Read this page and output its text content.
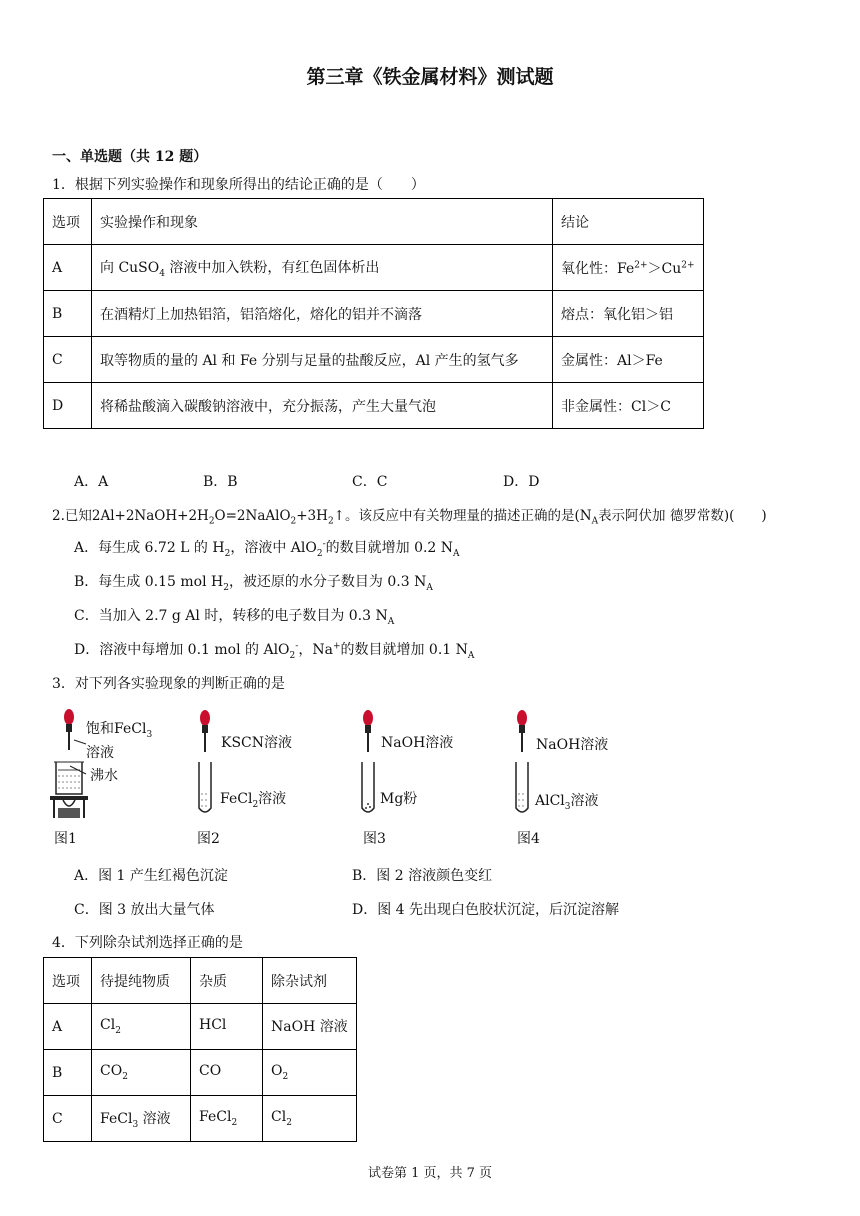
第三章《铁金属材料》测试题
一、单选题（共 12 题）
1．根据下列实验操作和现象所得出的结论正确的是（　　）
选项	实验操作和现象	结论
A	向 CuSO$_4$ 溶液中加入铁粉，有红色固体析出	氧化性：$Fe^{2+}>Cu^{2+}$
B	在酒精灯上加热铝箔，铝箔熔化，熔化的铝并不滴落	熔点：氧化铝＞铝
C	取等物质的量的 Al 和 Fe 分别与足量的盐酸反应，Al 产生的氢气多	金属性：Al＞Fe
D	将稀盐酸滴入碳酸钠溶液中，充分振荡，产生大量气泡	非金属性：Cl＞C
A．A	B．B	C．C	D．D
2.已知$2Al+2NaOH+2H_2O=2NaAlO_2+3H_2↑$。该反应中有关物理量的描述正确的是($N_A$表示阿伏加 德罗常数)(　　)
A．每生成 6.72 L 的 $H_2$，溶液中 AlO$_2$-的数目就增加 0.2 $N_A$
B．每生成 0.15 mol $H_2$，被还原的水分子数目为 0.3 $N_A$
C．当加入 2.7 g Al 时，转移的电子数目为 0.3 $N_A$
D．溶液中每增加 0.1 mol 的 AlO$_2$-，Na+的数目就增加 0.1 $N_A$
3．对下列各实验现象的判断正确的是
饱和FeCl$_3$
溶液
沸水
图1
KSCN溶液
FeCl$_2$溶液
图2
NaOH溶液
Mg粉
图3
NaOH溶液
AlCl$_3$溶液
图4
A．图 1 产生红褐色沉淀	B．图 2 溶液颜色变红
C．图 3 放出大量气体	D．图 4 先出现白色胶状沉淀，后沉淀溶解
4．下列除杂试剂选择正确的是
选项	待提纯物质	杂质	除杂试剂
A	$Cl_2$	HCl	NaOH 溶液
B	$CO_2$	CO	$O_2$
C	FeCl$_3$ 溶液	FeCl$_2$	$Cl_2$
试卷第 1 页，共 7 页
